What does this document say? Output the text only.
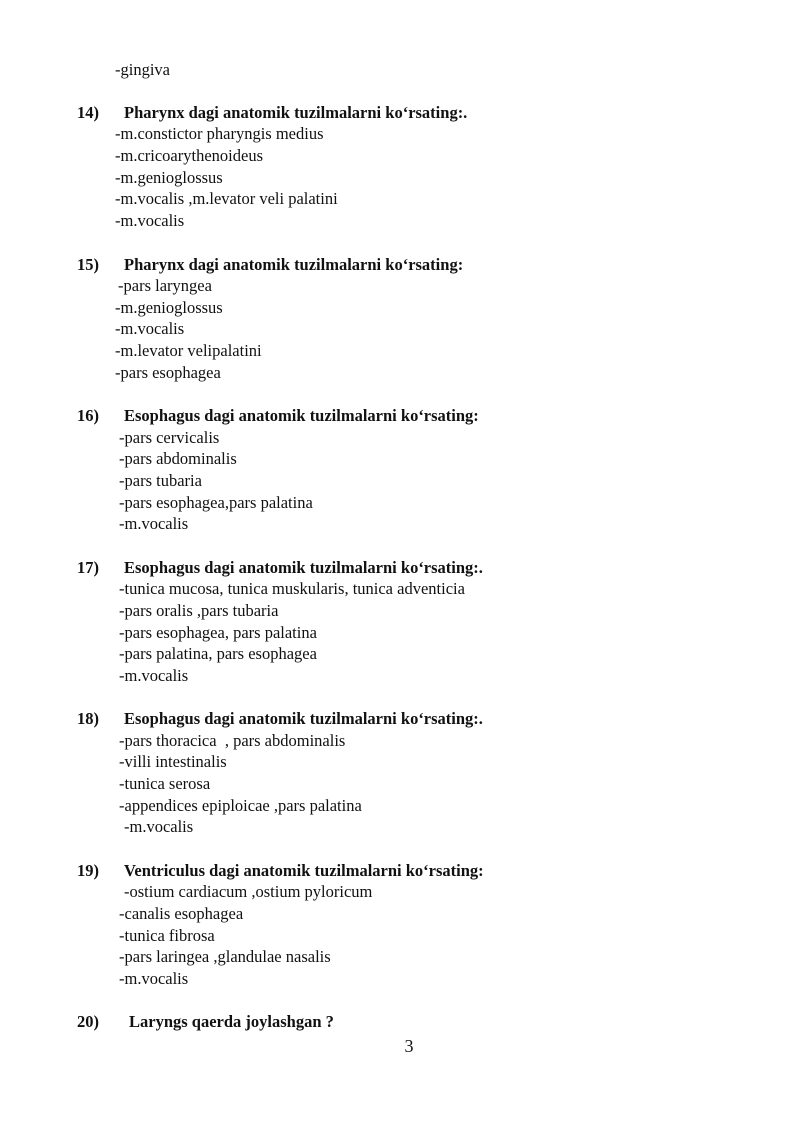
-gingiva
14) Pharynx dagi anatomik tuzilmalarni ko‘rsating:.
-m.constictor pharyngis medius
-m.cricoarythenoideus
-m.genioglossus
-m.vocalis ,m.levator veli palatini
-m.vocalis
15) Pharynx dagi anatomik tuzilmalarni ko‘rsating:
-pars laryngea
-m.genioglossus
-m.vocalis
-m.levator velipalatini
-pars esophagea
16) Esophagus dagi anatomik tuzilmalarni ko‘rsating:
-pars cervicalis
-pars abdominalis
-pars tubaria
-pars esophagea,pars palatina
-m.vocalis
17) Esophagus dagi anatomik tuzilmalarni ko‘rsating:.
-tunica mucosa, tunica muskularis, tunica adventicia
-pars oralis ,pars tubaria
-pars esophagea, pars palatina
-pars palatina, pars esophagea
-m.vocalis
18) Esophagus dagi anatomik tuzilmalarni ko‘rsating:.
-pars thoracica  , pars abdominalis
-villi intestinalis
-tunica serosa
-appendices epiploicae ,pars palatina
-m.vocalis
19) Ventriculus dagi anatomik tuzilmalarni ko‘rsating:
-ostium cardiacum ,ostium pyloricum
-canalis esophagea
-tunica fibrosa
-pars laringea ,glandulae nasalis
-m.vocalis
20) Laryngs qaerda joylashgan ?
3
